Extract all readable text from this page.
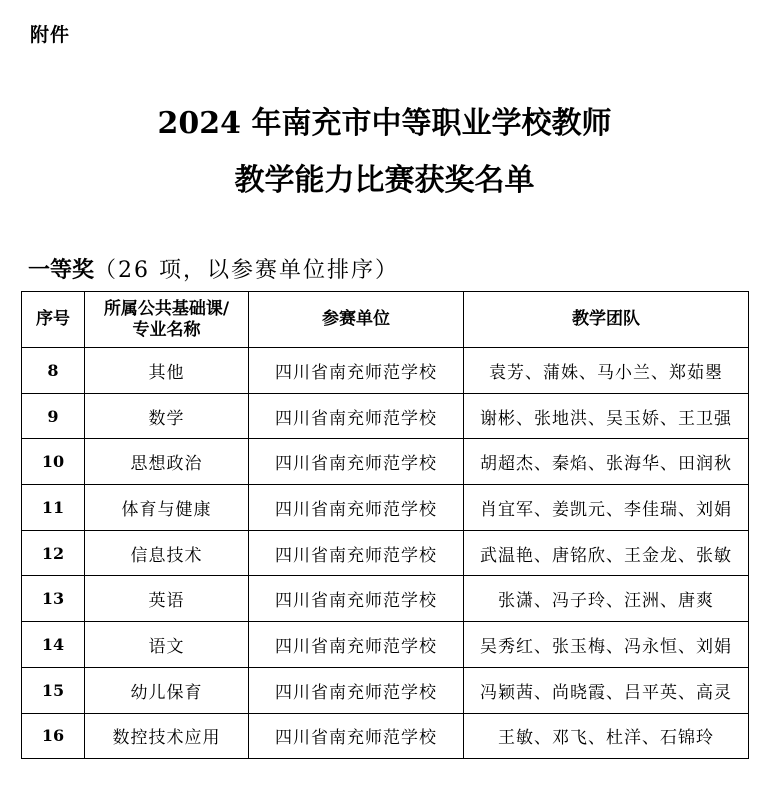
附件
2024 年南充市中等职业学校教师
教学能力比赛获奖名单
一等奖（26 项，以参赛单位排序）
序号	所属公共基础课/
专业名称	参赛单位	教学团队
8	其他	四川省南充师范学校	袁芳、蒲姝、马小兰、郑茹瞾
9	数学	四川省南充师范学校	谢彬、张地洪、吴玉娇、王卫强
10	思想政治	四川省南充师范学校	胡超杰、秦焰、张海华、田润秋
11	体育与健康	四川省南充师范学校	肖宜军、姜凯元、李佳瑞、刘娟
12	信息技术	四川省南充师范学校	武温艳、唐铭欣、王金龙、张敏
13	英语	四川省南充师范学校	张潇、冯子玲、汪洲、唐爽
14	语文	四川省南充师范学校	吴秀红、张玉梅、冯永恒、刘娟
15	幼儿保育	四川省南充师范学校	冯颖茜、尚晓霞、吕平英、高灵
16	数控技术应用	四川省南充师范学校	王敏、邓飞、杜洋、石锦玲
